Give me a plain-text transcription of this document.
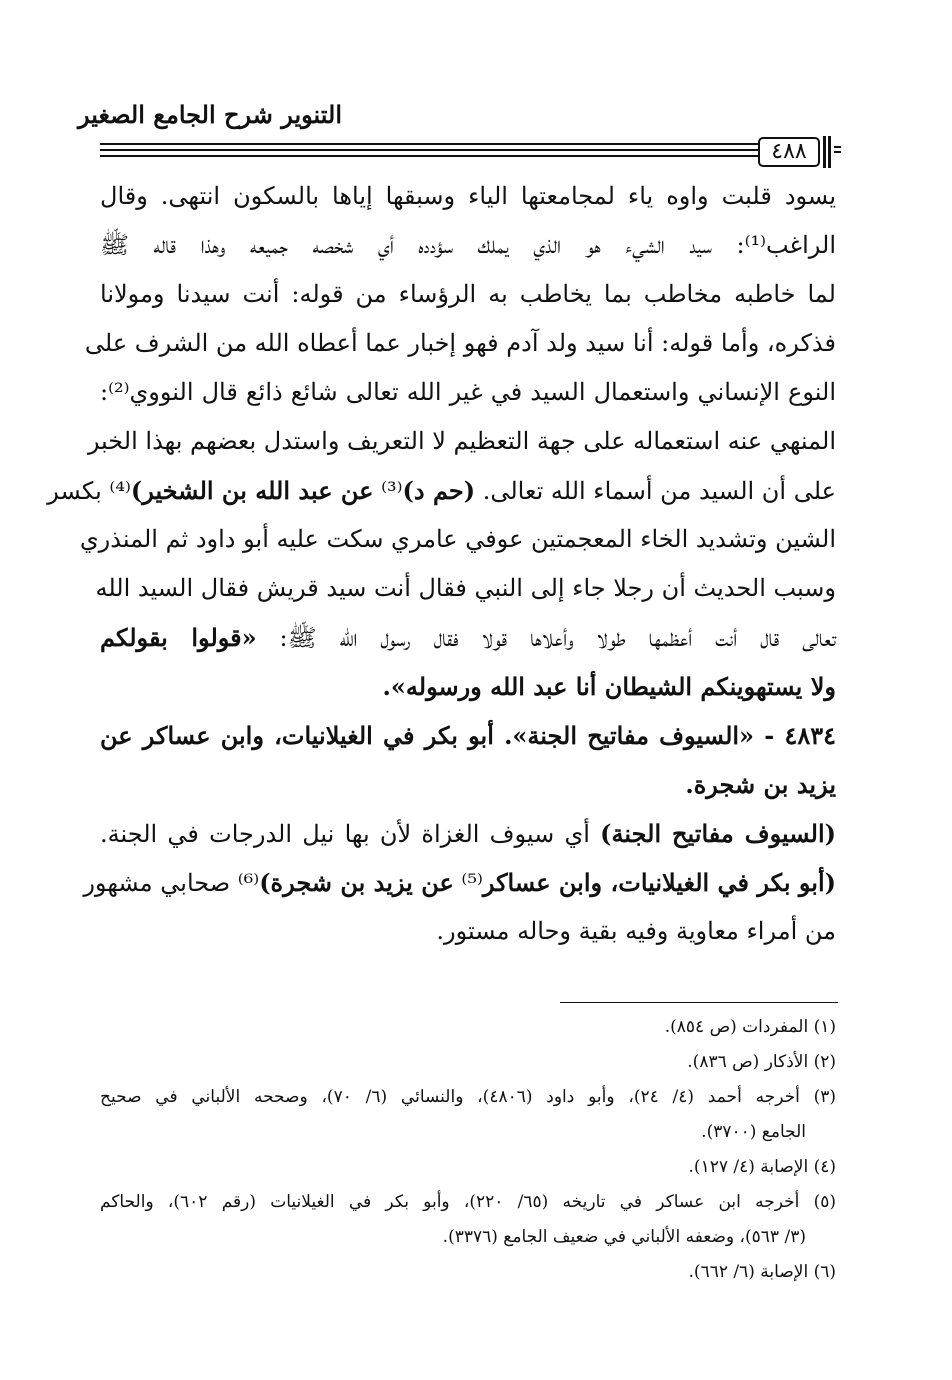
التنوير شرح الجامع الصغير
٤٨٨
يسود قلبت واوه ياء لمجامعتها الياء وسبقها إياها بالسكون انتهى. وقال
الراغب⁽¹⁾: سيد الشيء هو الذي يملك سؤدده أي شخصه جميعه وهذا قاله ﷺ
لما خاطبه مخاطب بما يخاطب به الرؤساء من قوله: أنت سيدنا ومولانا
فذكره، وأما قوله: أنا سيد ولد آدم فهو إخبار عما أعطاه الله من الشرف على
النوع الإنساني واستعمال السيد في غير الله تعالى شائع ذائع قال النووي⁽²⁾:
المنهي عنه استعماله على جهة التعظيم لا التعريف واستدل بعضهم بهذا الخبر
على أن السيد من أسماء الله تعالى. (حم د)⁽³⁾ عن عبد الله بن الشخير)⁽⁴⁾ بكسر
الشين وتشديد الخاء المعجمتين عوفي عامري سكت عليه أبو داود ثم المنذري
وسبب الحديث أن رجلا جاء إلى النبي فقال أنت سيد قريش فقال السيد الله
تعالى قال أنت أعظمها طولا وأعلاها قولا فقال رسول الله ﷺ: «قولوا بقولكم
ولا يستهوينكم الشيطان أنا عبد الله ورسوله».
٤٨٣٤ - «السيوف مفاتيح الجنة». أبو بكر في الغيلانيات، وابن عساكر عن
يزيد بن شجرة.
(السيوف مفاتيح الجنة) أي سيوف الغزاة لأن بها نيل الدرجات في الجنة.
(أبو بكر في الغيلانيات، وابن عساكر⁽⁵⁾ عن يزيد بن شجرة)⁽⁶⁾ صحابي مشهور
من أمراء معاوية وفيه بقية وحاله مستور.
(١) المفردات (ص ٨٥٤).
(٢) الأذكار (ص ٨٣٦).
(٣) أخرجه أحمد (٤/ ٢٤)، وأبو داود (٤٨٠٦)، والنسائي (٦/ ٧٠)، وصححه الألباني في صحيح
الجامع (٣٧٠٠).
(٤) الإصابة (٤/ ١٢٧).
(٥) أخرجه ابن عساكر في تاريخه (٦٥/ ٢٢٠)، وأبو بكر في الغيلانيات (رقم ٦٠٢)، والحاكم
(٣/ ٥٦٣)، وضعفه الألباني في ضعيف الجامع (٣٣٧٦).
(٦) الإصابة (٦/ ٦٦٢).
